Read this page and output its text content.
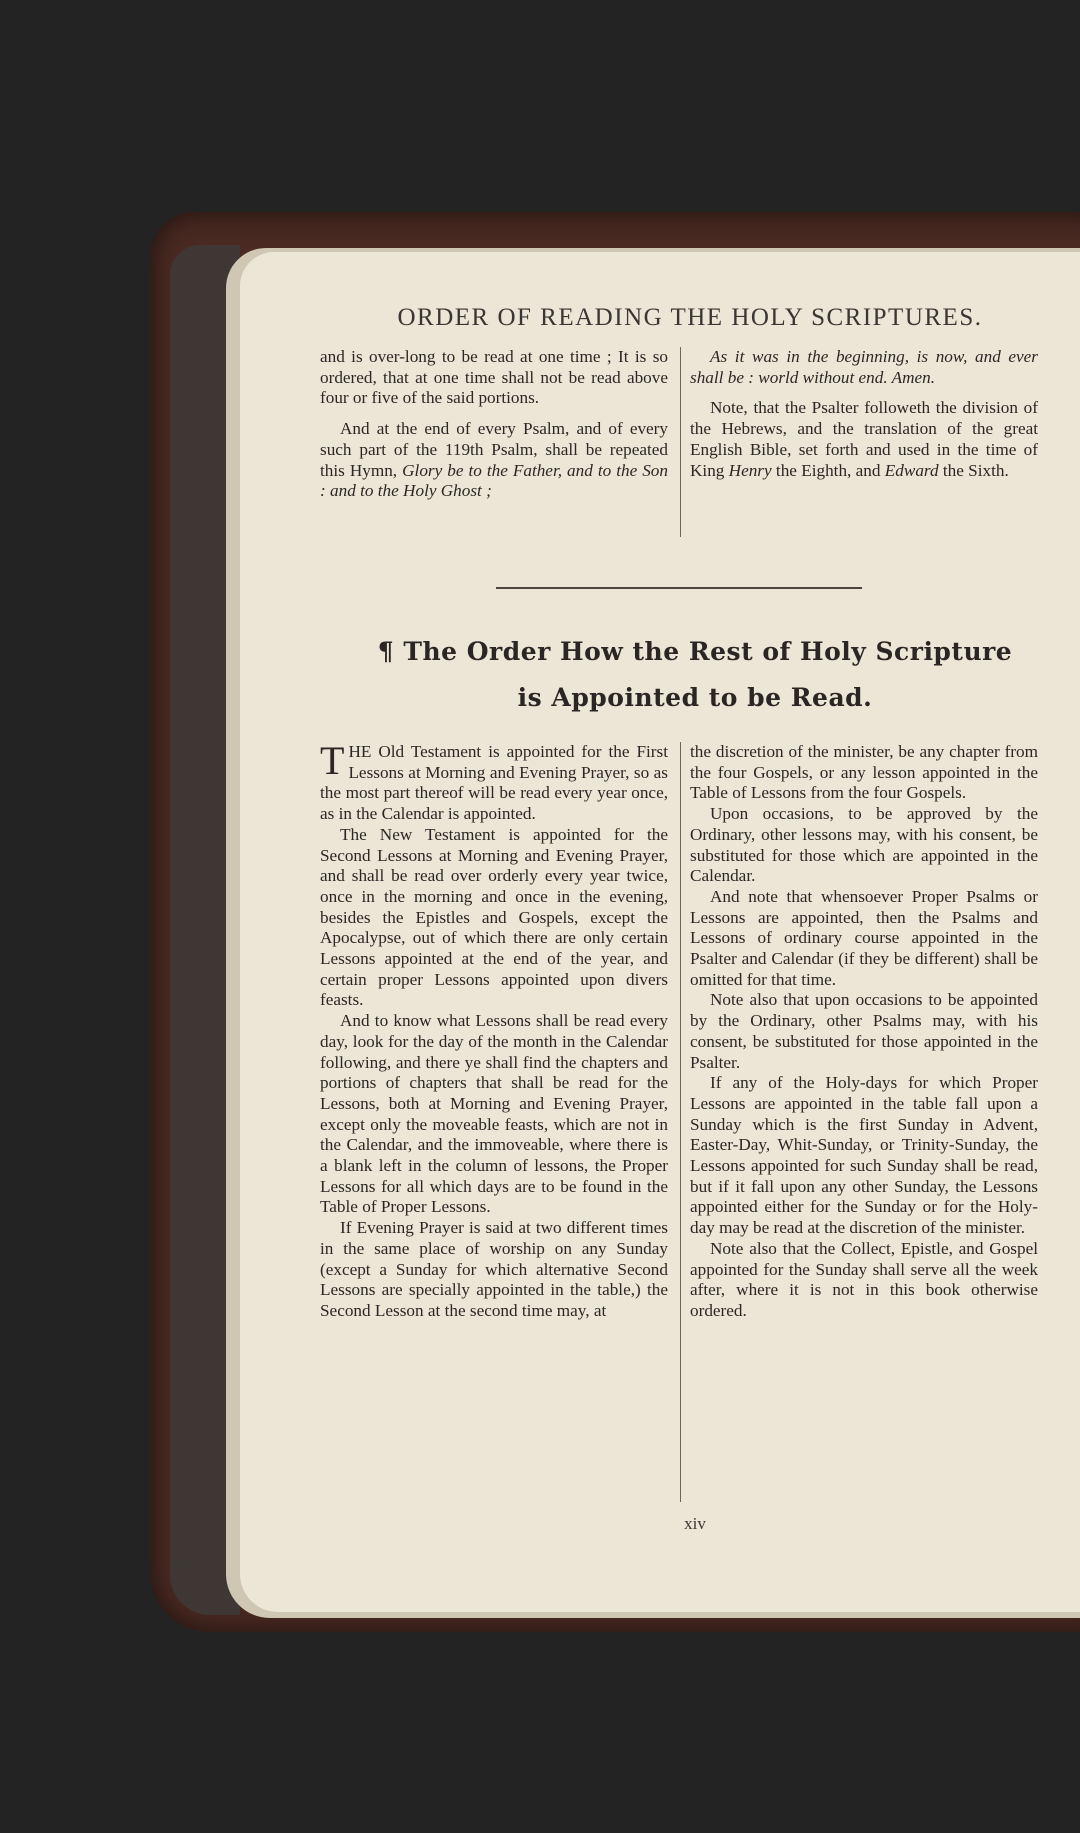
ORDER OF READING THE HOLY SCRIPTURES.

and is over-long to be read at one time ; It is so ordered, that at one time shall not be read above four or five of the said portions.

And at the end of every Psalm, and of every such part of the 119th Psalm, shall be repeated this Hymn, Glory be to the Father, and to the Son : and to the Holy Ghost ;

As it was in the beginning, is now, and ever shall be : world without end. Amen.

Note, that the Psalter followeth the division of the Hebrews, and the translation of the great English Bible, set forth and used in the time of King Henry the Eighth, and Edward the Sixth.

¶ The Order How the Rest of Holy Scripture
is Appointed to be Read.

THE Old Testament is appointed for the First Lessons at Morning and Evening Prayer, so as the most part thereof will be read every year once, as in the Calendar is appointed.

The New Testament is appointed for the Second Lessons at Morning and Evening Prayer, and shall be read over orderly every year twice, once in the morning and once in the evening, besides the Epistles and Gospels, except the Apocalypse, out of which there are only certain Lessons appointed at the end of the year, and certain proper Lessons appointed upon divers feasts.

And to know what Lessons shall be read every day, look for the day of the month in the Calendar following, and there ye shall find the chapters and portions of chapters that shall be read for the Lessons, both at Morning and Evening Prayer, except only the moveable feasts, which are not in the Calendar, and the immoveable, where there is a blank left in the column of lessons, the Proper Lessons for all which days are to be found in the Table of Proper Lessons.

If Evening Prayer is said at two different times in the same place of worship on any Sunday (except a Sunday for which alternative Second Lessons are specially appointed in the table,) the Second Lesson at the second time may, at

the discretion of the minister, be any chapter from the four Gospels, or any lesson appointed in the Table of Lessons from the four Gospels.

Upon occasions, to be approved by the Ordinary, other lessons may, with his consent, be substituted for those which are appointed in the Calendar.

And note that whensoever Proper Psalms or Lessons are appointed, then the Psalms and Lessons of ordinary course appointed in the Psalter and Calendar (if they be different) shall be omitted for that time.

Note also that upon occasions to be appointed by the Ordinary, other Psalms may, with his consent, be substituted for those appointed in the Psalter.

If any of the Holy-days for which Proper Lessons are appointed in the table fall upon a Sunday which is the first Sunday in Advent, Easter-Day, Whit-Sunday, or Trinity-Sunday, the Lessons appointed for such Sunday shall be read, but if it fall upon any other Sunday, the Lessons appointed either for the Sunday or for the Holy-day may be read at the discretion of the minister.

Note also that the Collect, Epistle, and Gospel appointed for the Sunday shall serve all the week after, where it is not in this book otherwise ordered.

xiv
